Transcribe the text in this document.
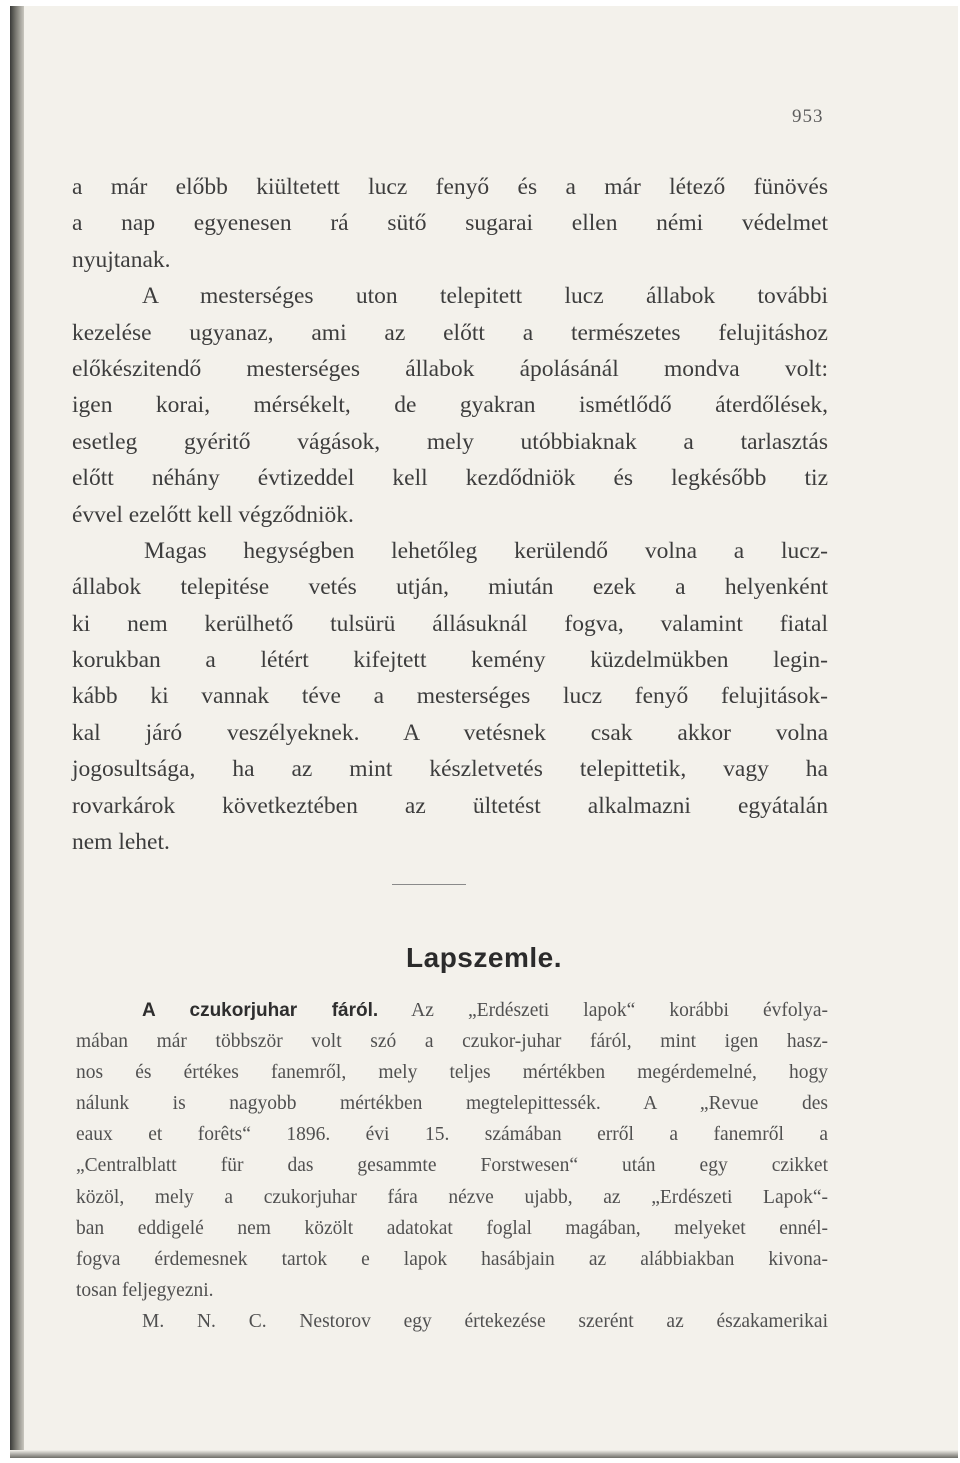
953
a már előbb kiültetett lucz fenyő és a már létező fünövés
a nap egyenesen rá sütő sugarai ellen némi védelmet
nyujtanak.
A mesterséges uton telepitett lucz állabok további
kezelése ugyanaz, ami az előtt a természetes felujitáshoz
előkészitendő mesterséges állabok ápolásánál mondva volt:
igen korai, mérsékelt, de gyakran ismétlődő áterdőlések,
esetleg gyéritő vágások, mely utóbbiaknak a tarlasztás
előtt néhány évtizeddel kell kezdődniök és legkésőbb tiz
évvel ezelőtt kell végződniök.
Magas hegységben lehetőleg kerülendő volna a lucz-
állabok telepitése vetés utján, miután ezek a helyenként
ki nem kerülhető tulsürü állásuknál fogva, valamint fiatal
korukban a létért kifejtett kemény küzdelmükben legin-
kább ki vannak téve a mesterséges lucz fenyő felujitások-
kal járó veszélyeknek. A vetésnek csak akkor volna
jogosultsága, ha az mint készletvetés telepittetik, vagy ha
rovarkárok következtében az ültetést alkalmazni egyátalán
nem lehet.
Lapszemle.
A czukorjuhar fáról. Az „Erdészeti lapok“ korábbi évfolya-
mában már többször volt szó a czukor-juhar fáról, mint igen hasz-
nos és értékes fanemről, mely teljes mértékben megérdemelné, hogy
nálunk is nagyobb mértékben megtelepittessék. A „Revue des
eaux et forêts“ 1896. évi 15. számában erről a fanemről a
„Centralblatt für das gesammte Forstwesen“ után egy czikket
közöl, mely a czukorjuhar fára nézve ujabb, az „Erdészeti Lapok“-
ban eddigelé nem közölt adatokat foglal magában, melyeket ennél-
fogva érdemesnek tartok e lapok hasábjain az alábbiakban kivona-
tosan feljegyezni.
M. N. C. Nestorov egy értekezése szerént az északamerikai
